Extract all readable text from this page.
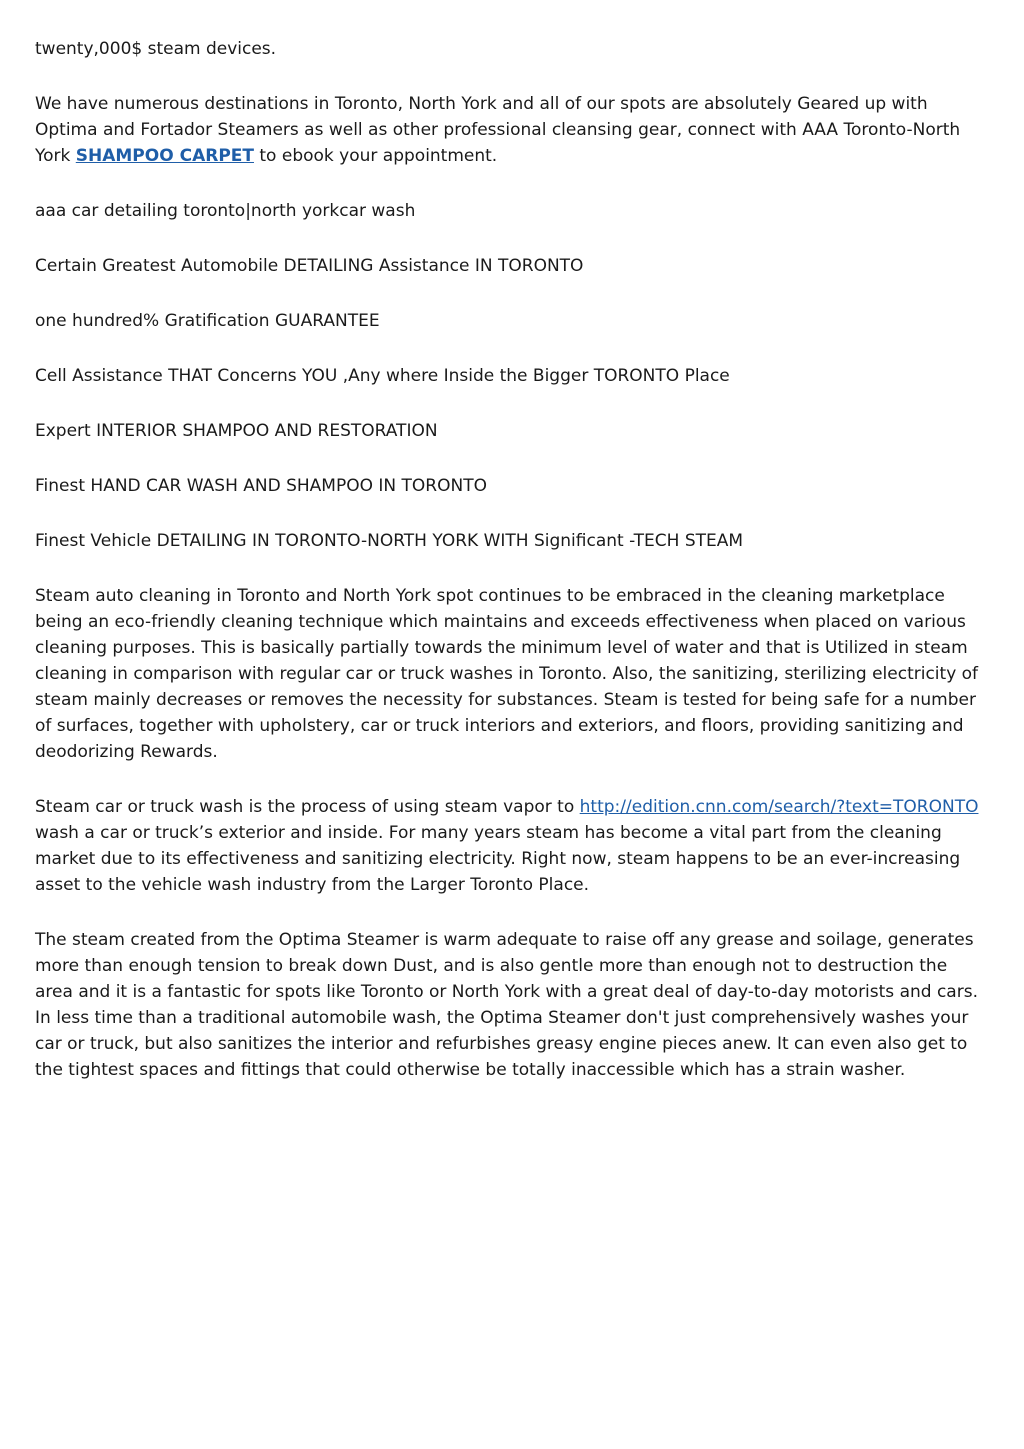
twenty,000$ steam devices.

We have numerous destinations in Toronto, North York and all of our spots are absolutely Geared up with Optima and Fortador Steamers as well as other professional cleansing gear, connect with AAA Toronto-North York SHAMPOO CARPET to ebook your appointment.

aaa car detailing toronto|north yorkcar wash

Certain Greatest Automobile DETAILING Assistance IN TORONTO

one hundred% Gratification GUARANTEE

Cell Assistance THAT Concerns YOU ,Any where Inside the Bigger TORONTO Place

Expert INTERIOR SHAMPOO AND RESTORATION

Finest HAND CAR WASH AND SHAMPOO IN TORONTO

Finest Vehicle DETAILING IN TORONTO-NORTH YORK WITH Significant -TECH STEAM

Steam auto cleaning in Toronto and North York spot continues to be embraced in the cleaning marketplace being an eco-friendly cleaning technique which maintains and exceeds effectiveness when placed on various cleaning purposes. This is basically partially towards the minimum level of water and that is Utilized in steam cleaning in comparison with regular car or truck washes in Toronto. Also, the sanitizing, sterilizing electricity of steam mainly decreases or removes the necessity for substances. Steam is tested for being safe for a number of surfaces, together with upholstery, car or truck interiors and exteriors, and floors, providing sanitizing and deodorizing Rewards.

Steam car or truck wash is the process of using steam vapor to http://edition.cnn.com/search/?text=TORONTO wash a car or truck’s exterior and inside. For many years steam has become a vital part from the cleaning market due to its effectiveness and sanitizing electricity. Right now, steam happens to be an ever-increasing asset to the vehicle wash industry from the Larger Toronto Place.

The steam created from the Optima Steamer is warm adequate to raise off any grease and soilage, generates more than enough tension to break down Dust, and is also gentle more than enough not to destruction the area and it is a fantastic for spots like Toronto or North York with a great deal of day-to-day motorists and cars. In less time than a traditional automobile wash, the Optima Steamer don't just comprehensively washes your car or truck, but also sanitizes the interior and refurbishes greasy engine pieces anew. It can even also get to the tightest spaces and fittings that could otherwise be totally inaccessible which has a strain washer.
